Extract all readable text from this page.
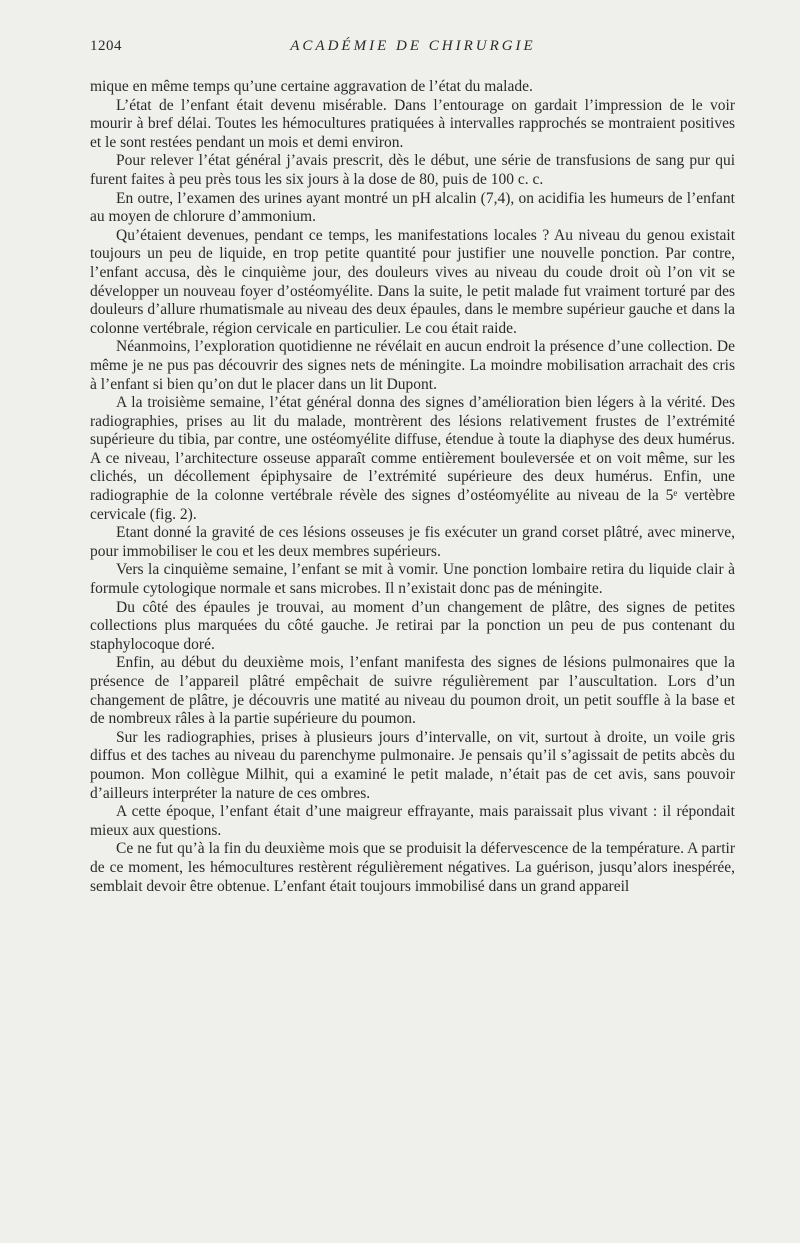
1204	ACADÉMIE DE CHIRURGIE

mique en même temps qu’une certaine aggravation de l’état du malade.

L’état de l’enfant était devenu misérable. Dans l’entourage on gardait l’impression de le voir mourir à bref délai. Toutes les hémocultures pratiquées à intervalles rapprochés se montraient positives et le sont restées pendant un mois et demi environ.

Pour relever l’état général j’avais prescrit, dès le début, une série de transfusions de sang pur qui furent faites à peu près tous les six jours à la dose de 80, puis de 100 c. c.

En outre, l’examen des urines ayant montré un pH alcalin (7,4), on acidifia les humeurs de l’enfant au moyen de chlorure d’ammonium.

Qu’étaient devenues, pendant ce temps, les manifestations locales ? Au niveau du genou existait toujours un peu de liquide, en trop petite quantité pour justifier une nouvelle ponction. Par contre, l’enfant accusa, dès le cinquième jour, des douleurs vives au niveau du coude droit où l’on vit se développer un nouveau foyer d’ostéomyélite. Dans la suite, le petit malade fut vraiment torturé par des douleurs d’allure rhumatismale au niveau des deux épaules, dans le membre supérieur gauche et dans la colonne vertébrale, région cervicale en particulier. Le cou était raide.

Néanmoins, l’exploration quotidienne ne révélait en aucun endroit la présence d’une collection. De même je ne pus pas découvrir des signes nets de méningite. La moindre mobilisation arrachait des cris à l’enfant si bien qu’on dut le placer dans un lit Dupont.

A la troisième semaine, l’état général donna des signes d’amélioration bien légers à la vérité. Des radiographies, prises au lit du malade, montrèrent des lésions relativement frustes de l’extrémité supérieure du tibia, par contre, une ostéomyélite diffuse, étendue à toute la diaphyse des deux humérus. A ce niveau, l’architecture osseuse apparaît comme entièrement bouleversée et on voit même, sur les clichés, un décollement épiphysaire de l’extrémité supérieure des deux humérus. Enfin, une radiographie de la colonne vertébrale révèle des signes d’ostéomyélite au niveau de la 5ᵉ vertèbre cervicale (fig. 2).

Etant donné la gravité de ces lésions osseuses je fis exécuter un grand corset plâtré, avec minerve, pour immobiliser le cou et les deux membres supérieurs.

Vers la cinquième semaine, l’enfant se mit à vomir. Une ponction lombaire retira du liquide clair à formule cytologique normale et sans microbes. Il n’existait donc pas de méningite.

Du côté des épaules je trouvai, au moment d’un changement de plâtre, des signes de petites collections plus marquées du côté gauche. Je retirai par la ponction un peu de pus contenant du staphylocoque doré.

Enfin, au début du deuxième mois, l’enfant manifesta des signes de lésions pulmonaires que la présence de l’appareil plâtré empêchait de suivre régulièrement par l’auscultation. Lors d’un changement de plâtre, je découvris une matité au niveau du poumon droit, un petit souffle à la base et de nombreux râles à la partie supérieure du poumon.

Sur les radiographies, prises à plusieurs jours d’intervalle, on vit, surtout à droite, un voile gris diffus et des taches au niveau du parenchyme pulmonaire. Je pensais qu’il s’agissait de petits abcès du poumon. Mon collègue Milhit, qui a examiné le petit malade, n’était pas de cet avis, sans pouvoir d’ailleurs interpréter la nature de ces ombres.

A cette époque, l’enfant était d’une maigreur effrayante, mais paraissait plus vivant : il répondait mieux aux questions.

Ce ne fut qu’à la fin du deuxième mois que se produisit la défervescence de la température. A partir de ce moment, les hémocultures restèrent régulièrement négatives. La guérison, jusqu’alors inespérée, semblait devoir être obtenue. L’enfant était toujours immobilisé dans un grand appareil
